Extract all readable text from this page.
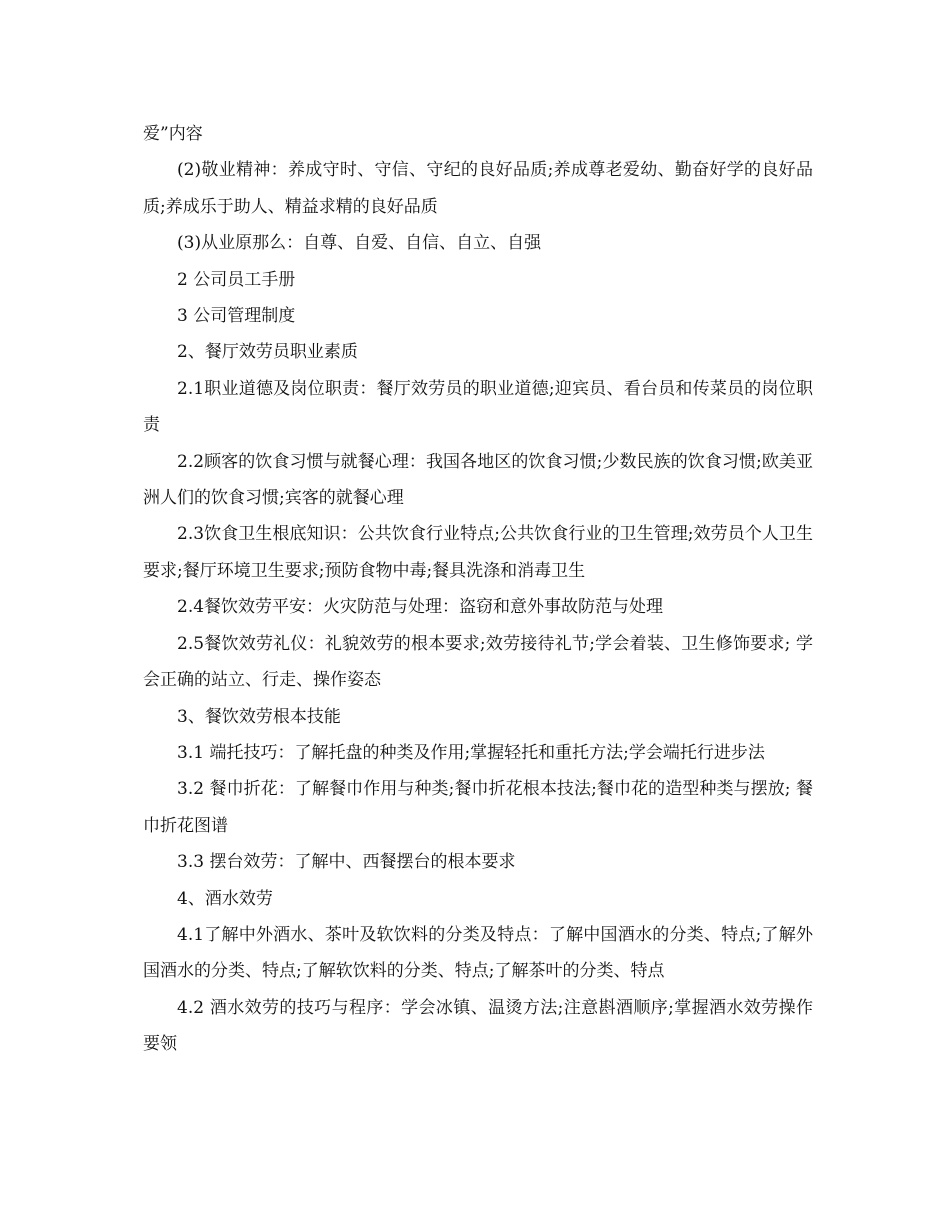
爱”内容

(2)敬业精神：养成守时、守信、守纪的良好品质;养成尊老爱幼、勤奋好学的良好品质;养成乐于助人、精益求精的良好品质

(3)从业原那么：自尊、自爱、自信、自立、自强

2 公司员工手册

3 公司管理制度

2、餐厅效劳员职业素质

2.1职业道德及岗位职责：餐厅效劳员的职业道德;迎宾员、看台员和传菜员的岗位职责

2.2顾客的饮食习惯与就餐心理：我国各地区的饮食习惯;少数民族的饮食习惯;欧美亚洲人们的饮食习惯;宾客的就餐心理

2.3饮食卫生根底知识：公共饮食行业特点;公共饮食行业的卫生管理;效劳员个人卫生要求;餐厅环境卫生要求;预防食物中毒;餐具洗涤和消毒卫生

2.4餐饮效劳平安：火灾防范与处理：盗窃和意外事故防范与处理

2.5餐饮效劳礼仪：礼貌效劳的根本要求;效劳接待礼节;学会着装、卫生修饰要求; 学会正确的站立、行走、操作姿态

3、餐饮效劳根本技能

3.1 端托技巧：了解托盘的种类及作用;掌握轻托和重托方法;学会端托行进步法

3.2 餐巾折花：了解餐巾作用与种类;餐巾折花根本技法;餐巾花的造型种类与摆放; 餐巾折花图谱

3.3 摆台效劳：了解中、西餐摆台的根本要求

4、酒水效劳

4.1了解中外酒水、茶叶及软饮料的分类及特点：了解中国酒水的分类、特点;了解外国酒水的分类、特点;了解软饮料的分类、特点;了解茶叶的分类、特点

4.2 酒水效劳的技巧与程序：学会冰镇、温烫方法;注意斟酒顺序;掌握酒水效劳操作要领
